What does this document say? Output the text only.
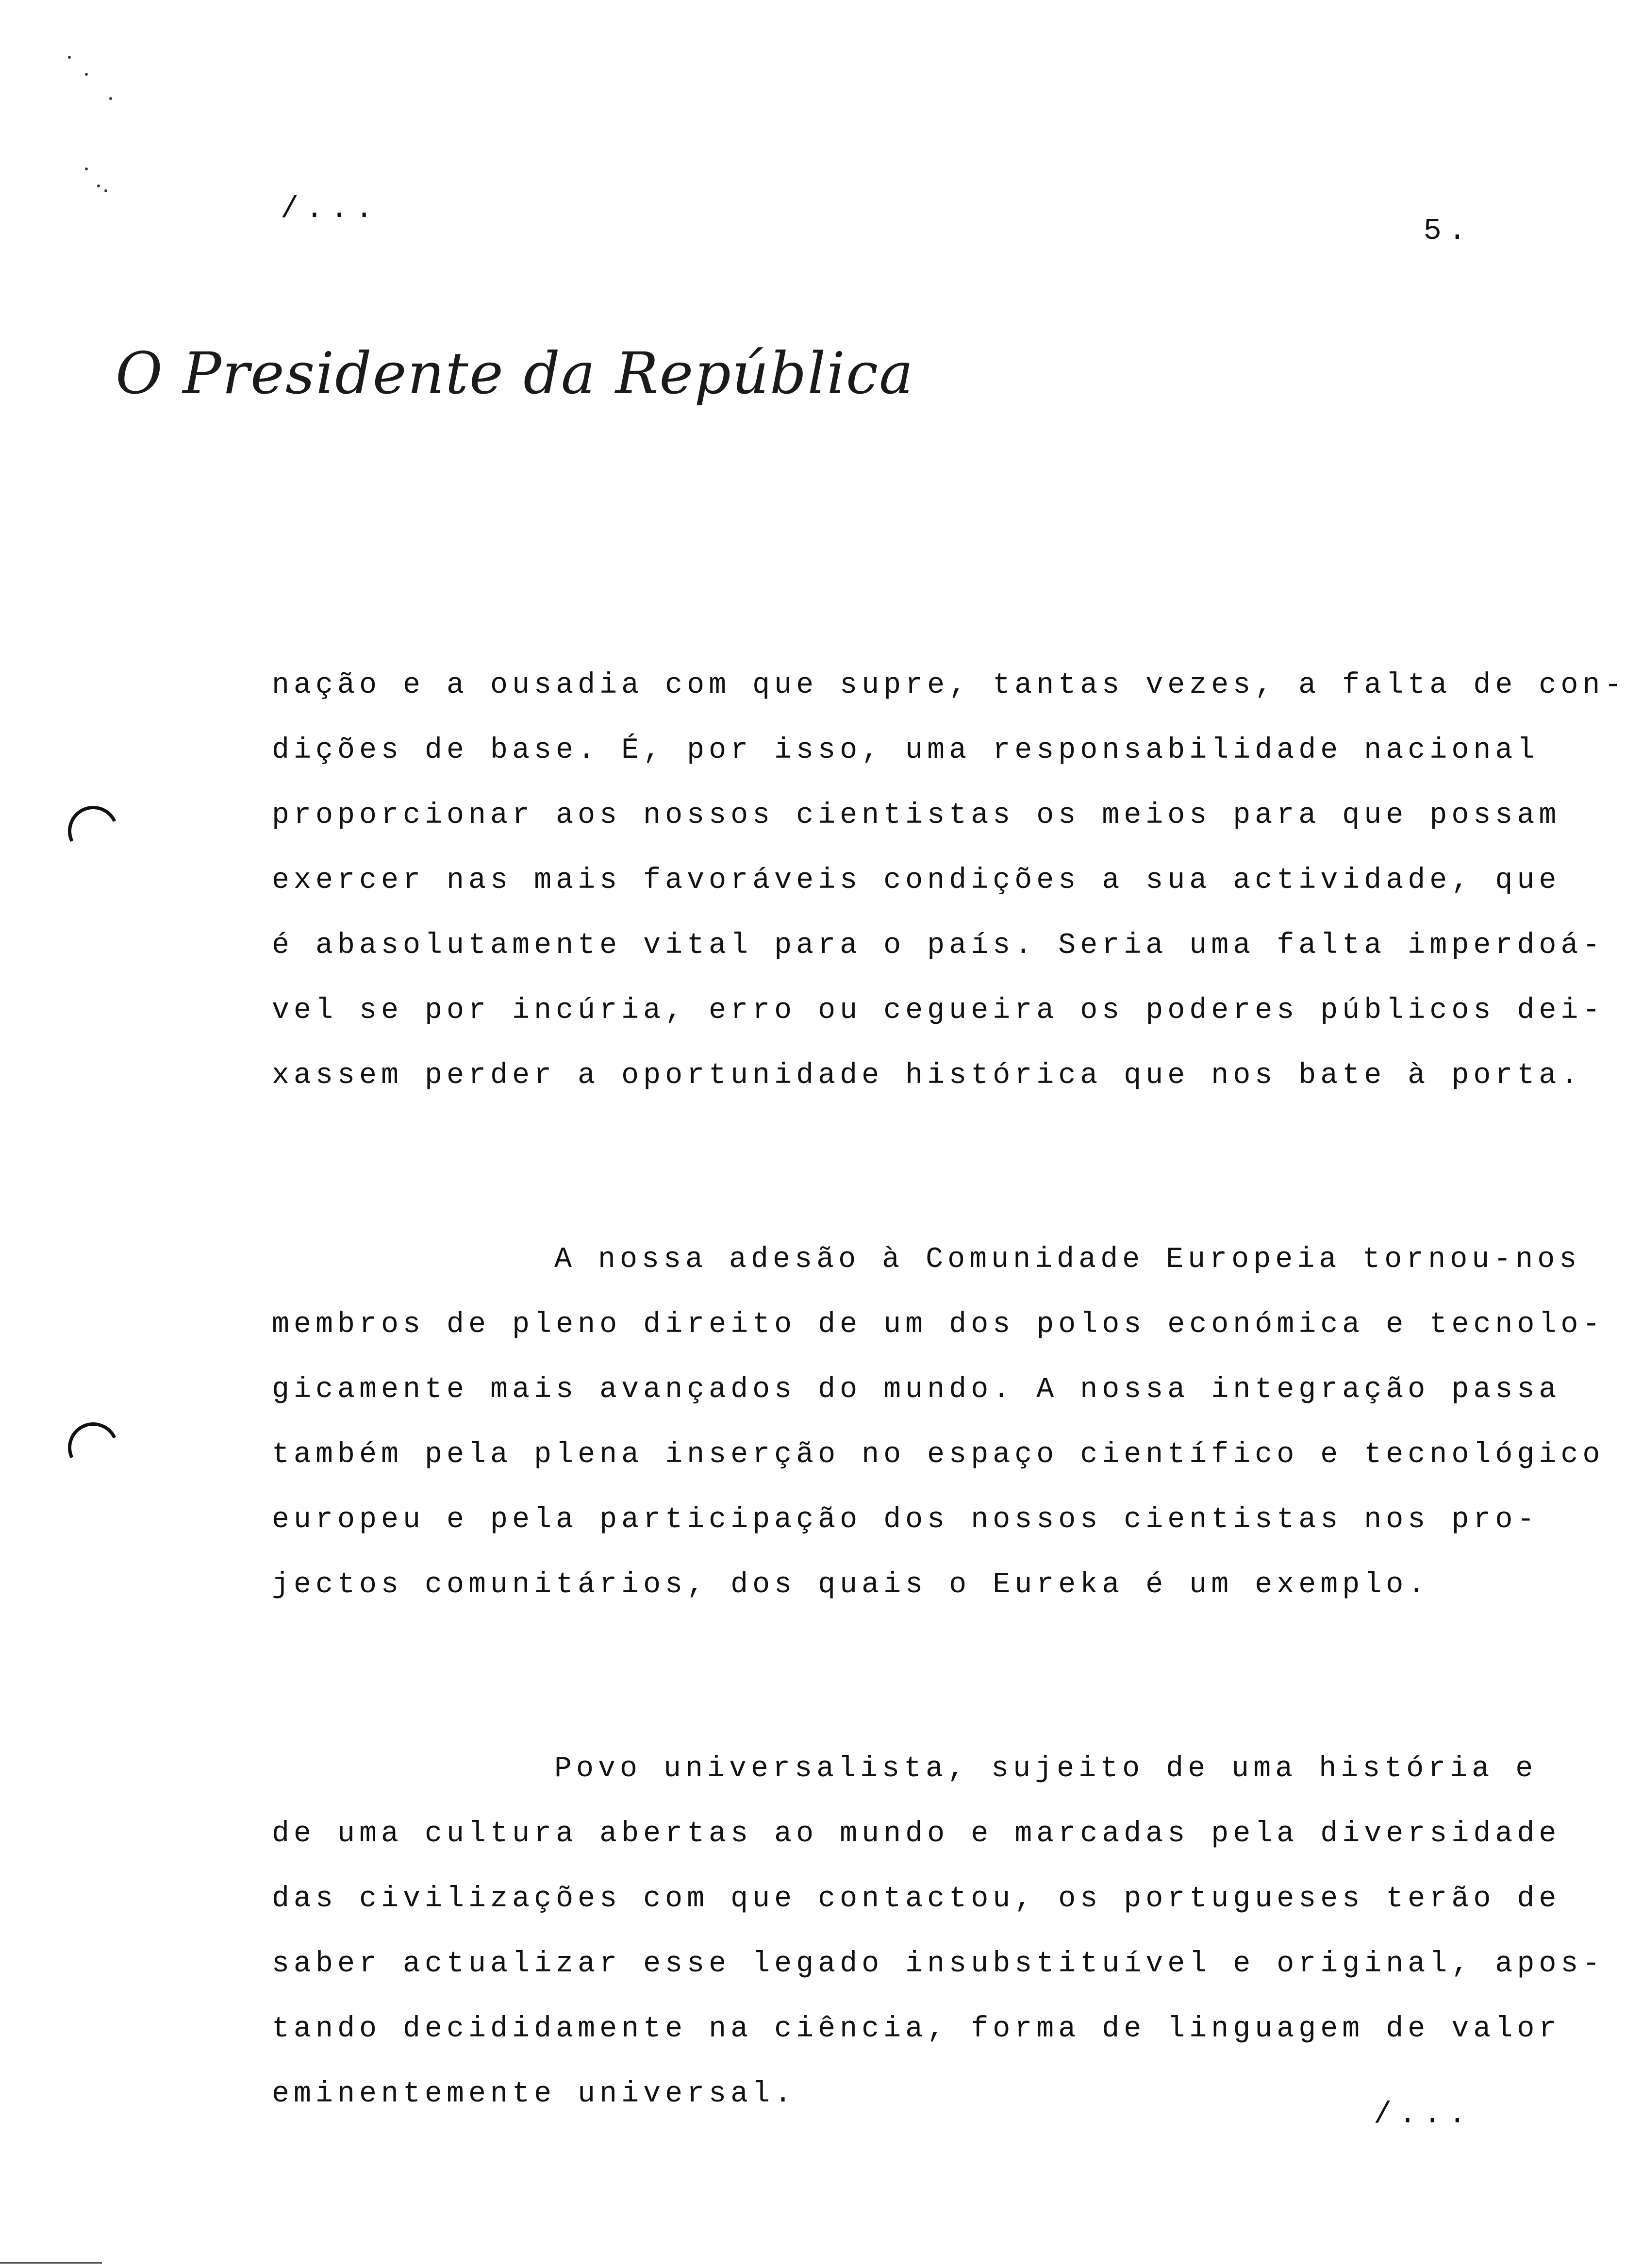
/...
5.
O Presidente da República
nação e a ousadia com que supre, tantas vezes, a falta de con-
dições de base. É, por isso, uma responsabilidade nacional
proporcionar aos nossos cientistas os meios para que possam
exercer nas mais favoráveis condições a sua actividade, que
é abasolutamente vital para o país. Seria uma falta imperdoá-
vel se por incúria, erro ou cegueira os poderes públicos dei-
xassem perder a oportunidade histórica que nos bate à porta.
A nossa adesão à Comunidade Europeia tornou-nos
membros de pleno direito de um dos polos económica e tecnolo-
gicamente mais avançados do mundo. A nossa integração passa
também pela plena inserção no espaço científico e tecnológico
europeu e pela participação dos nossos cientistas nos pro-
jectos comunitários, dos quais o Eureka é um exemplo.
Povo universalista, sujeito de uma história e
de uma cultura abertas ao mundo e marcadas pela diversidade
das civilizações com que contactou, os portugueses terão de
saber actualizar esse legado insubstituível e original, apos-
tando decididamente na ciência, forma de linguagem de valor
eminentemente universal.
/...
